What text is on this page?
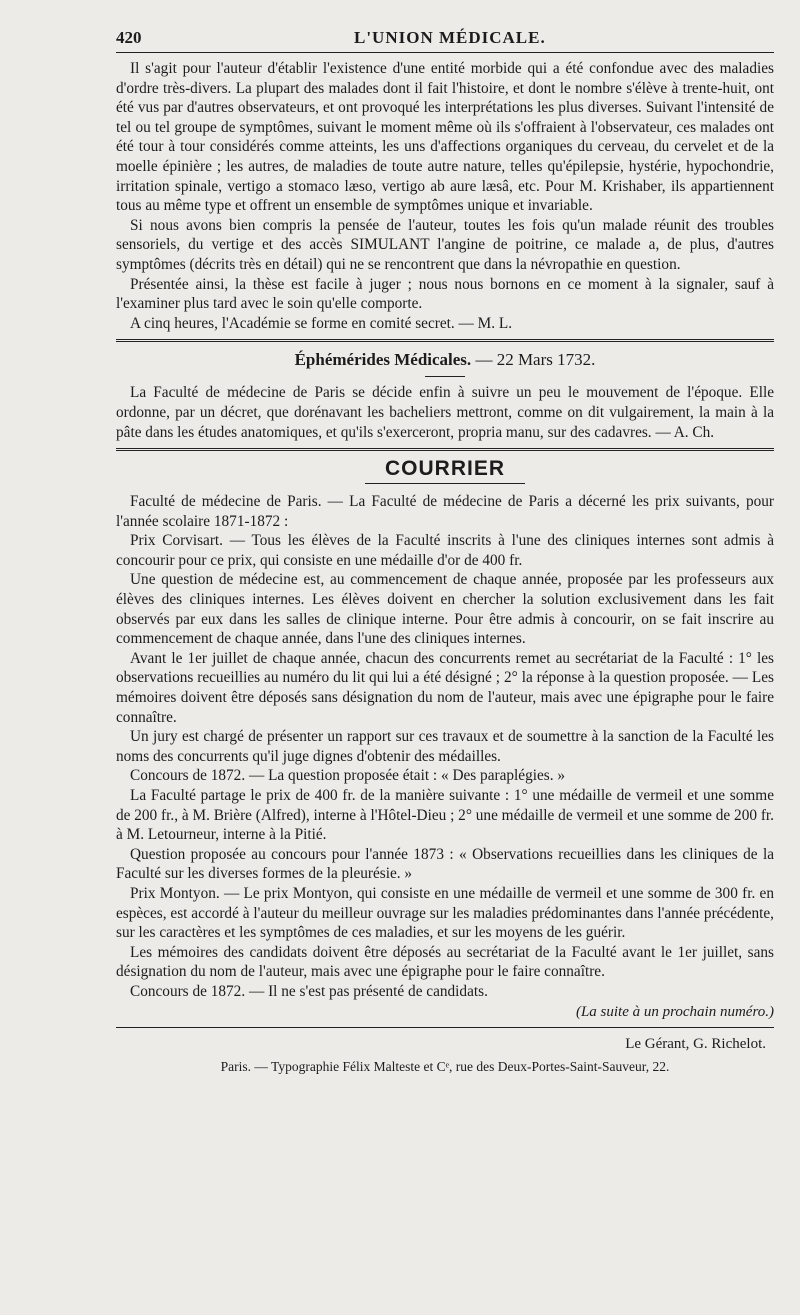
420	L'UNION MÉDICALE.

Il s'agit pour l'auteur d'établir l'existence d'une entité morbide qui a été confondue avec des maladies d'ordre très-divers. La plupart des malades dont il fait l'histoire, et dont le nombre s'élève à trente-huit, ont été vus par d'autres observateurs, et ont provoqué les interprétations les plus diverses. Suivant l'intensité de tel ou tel groupe de symptômes, suivant le moment même où ils s'offraient à l'observateur, ces malades ont été tour à tour considérés comme atteints, les uns d'affections organiques du cerveau, du cervelet et de la moelle épinière ; les autres, de maladies de toute autre nature, telles qu'épilepsie, hystérie, hypochondrie, irritation spinale, vertigo a stomaco læso, vertigo ab aure læsâ, etc. Pour M. Krishaber, ils appartiennent tous au même type et offrent un ensemble de symptômes unique et invariable.

Si nous avons bien compris la pensée de l'auteur, toutes les fois qu'un malade réunit des troubles sensoriels, du vertige et des accès SIMULANT l'angine de poitrine, ce malade a, de plus, d'autres symptômes (décrits très en détail) qui ne se rencontrent que dans la névropathie en question.

Présentée ainsi, la thèse est facile à juger ; nous nous bornons en ce moment à la signaler, sauf à l'examiner plus tard avec le soin qu'elle comporte.

A cinq heures, l'Académie se forme en comité secret. — M. L.

Éphémérides Médicales. — 22 Mars 1732.

La Faculté de médecine de Paris se décide enfin à suivre un peu le mouvement de l'époque. Elle ordonne, par un décret, que dorénavant les bacheliers mettront, comme on dit vulgairement, la main à la pâte dans les études anatomiques, et qu'ils s'exerceront, propria manu, sur des cadavres. — A. Ch.

COURRIER

Faculté de médecine de Paris. — La Faculté de médecine de Paris a décerné les prix suivants, pour l'année scolaire 1871-1872 :

Prix Corvisart. — Tous les élèves de la Faculté inscrits à l'une des cliniques internes sont admis à concourir pour ce prix, qui consiste en une médaille d'or de 400 fr.

Une question de médecine est, au commencement de chaque année, proposée par les professeurs aux élèves des cliniques internes. Les élèves doivent en chercher la solution exclusivement dans les fait observés par eux dans les salles de clinique interne. Pour être admis à concourir, on se fait inscrire au commencement de chaque année, dans l'une des cliniques internes.

Avant le 1er juillet de chaque année, chacun des concurrents remet au secrétariat de la Faculté : 1° les observations recueillies au numéro du lit qui lui a été désigné ; 2° la réponse à la question proposée. — Les mémoires doivent être déposés sans désignation du nom de l'auteur, mais avec une épigraphe pour le faire connaître.

Un jury est chargé de présenter un rapport sur ces travaux et de soumettre à la sanction de la Faculté les noms des concurrents qu'il juge dignes d'obtenir des médailles.

Concours de 1872. — La question proposée était : « Des paraplégies. »

La Faculté partage le prix de 400 fr. de la manière suivante : 1° une médaille de vermeil et une somme de 200 fr., à M. Brière (Alfred), interne à l'Hôtel-Dieu ; 2° une médaille de vermeil et une somme de 200 fr. à M. Letourneur, interne à la Pitié.

Question proposée au concours pour l'année 1873 : « Observations recueillies dans les cliniques de la Faculté sur les diverses formes de la pleurésie. »

Prix Montyon. — Le prix Montyon, qui consiste en une médaille de vermeil et une somme de 300 fr. en espèces, est accordé à l'auteur du meilleur ouvrage sur les maladies prédominantes dans l'année précédente, sur les caractères et les symptômes de ces maladies, et sur les moyens de les guérir.

Les mémoires des candidats doivent être déposés au secrétariat de la Faculté avant le 1er juillet, sans désignation du nom de l'auteur, mais avec une épigraphe pour le faire connaître.

Concours de 1872. — Il ne s'est pas présenté de candidats.

(La suite à un prochain numéro.)
Le Gérant, G. Richelot.
Paris. — Typographie Félix Malteste et Cᵉ, rue des Deux-Portes-Saint-Sauveur, 22.
